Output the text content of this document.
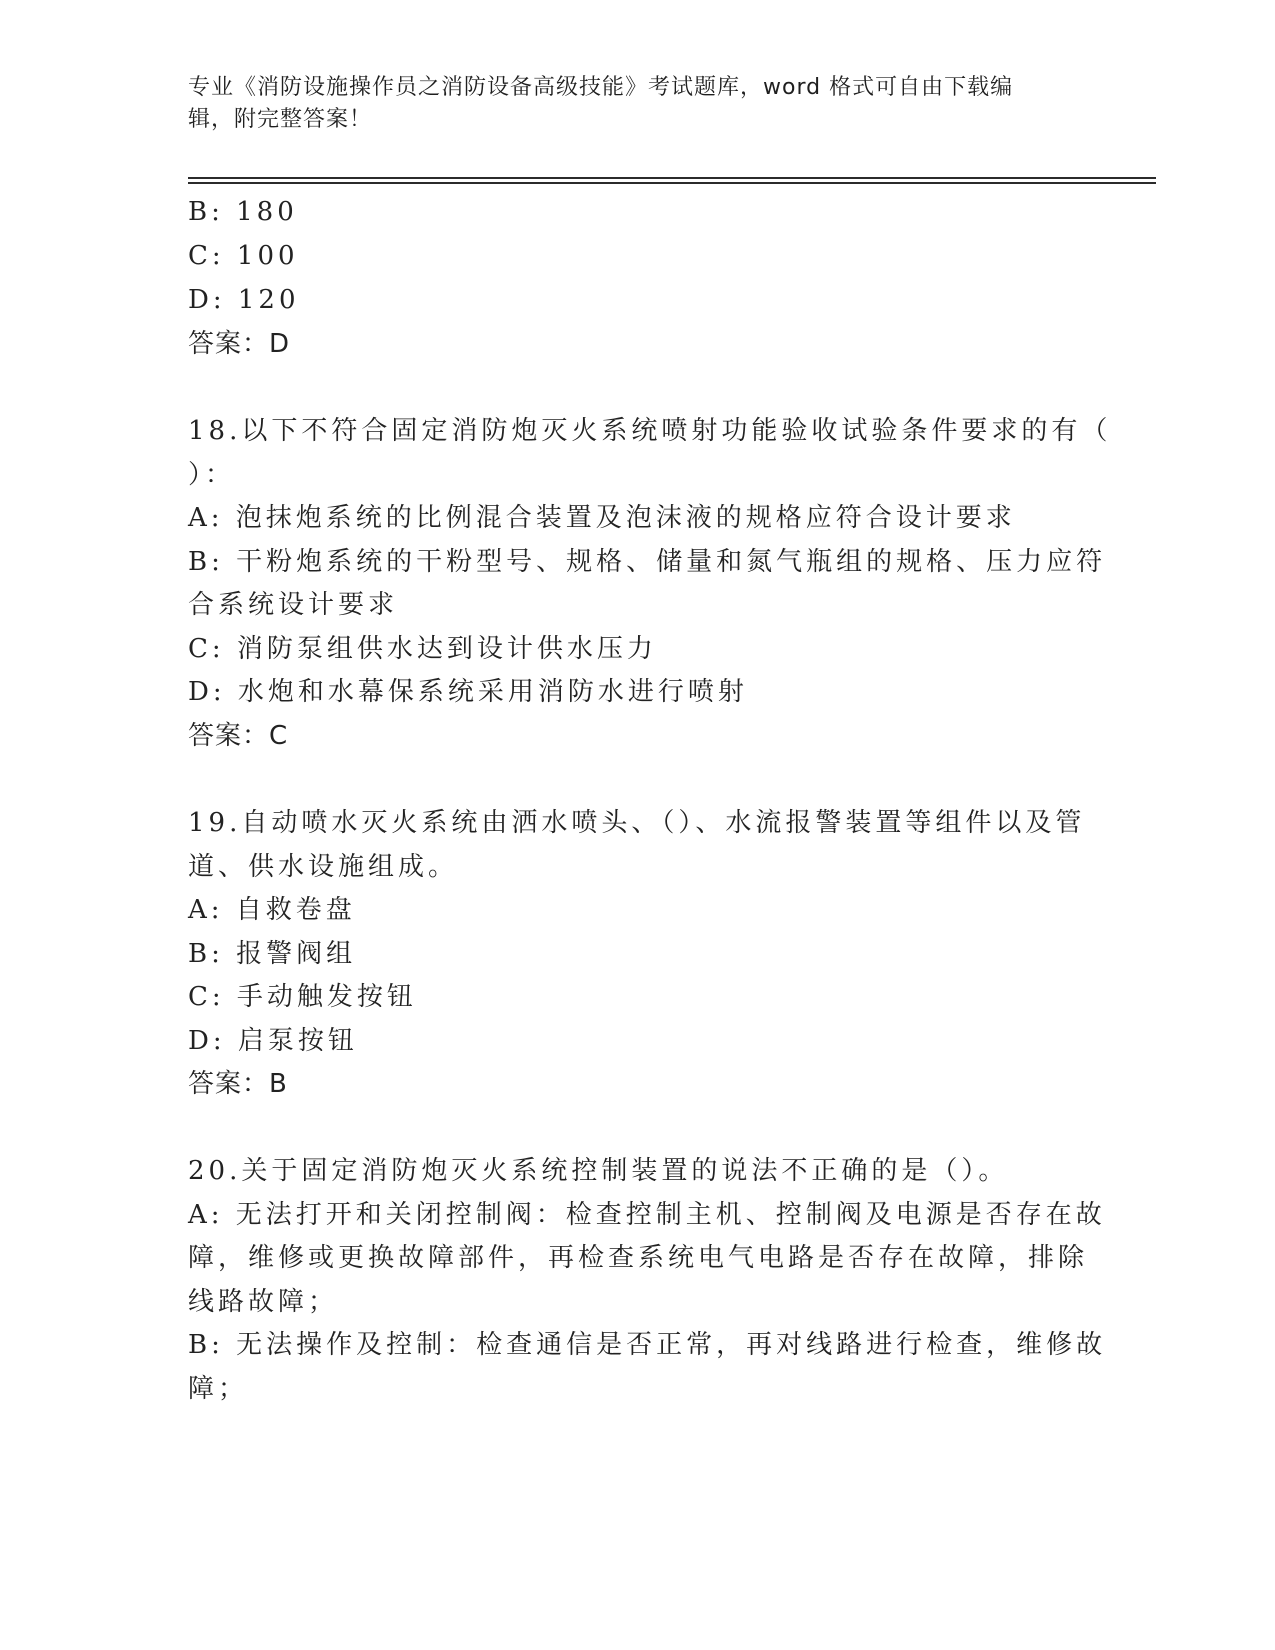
专业《消防设施操作员之消防设备高级技能》考试题库，word 格式可自由下载编
辑，附完整答案！
B: 180
C: 100
D: 120
答案：D
18.以下不符合固定消防炮灭火系统喷射功能验收试验条件要求的有（
）：
A: 泡抹炮系统的比例混合装置及泡沫液的规格应符合设计要求
B: 干粉炮系统的干粉型号、规格、储量和氮气瓶组的规格、压力应符
合系统设计要求
C: 消防泵组供水达到设计供水压力
D: 水炮和水幕保系统采用消防水进行喷射
答案：C
19.自动喷水灭火系统由洒水喷头、（）、水流报警装置等组件以及管
道、供水设施组成。
A: 自救卷盘
B: 报警阀组
C: 手动触发按钮
D: 启泵按钮
答案：B
20.关于固定消防炮灭火系统控制装置的说法不正确的是（）。
A: 无法打开和关闭控制阀：检查控制主机、控制阀及电源是否存在故
障，维修或更换故障部件，再检查系统电气电路是否存在故障，排除
线路故障；
B: 无法操作及控制：检查通信是否正常，再对线路进行检查，维修故
障；
